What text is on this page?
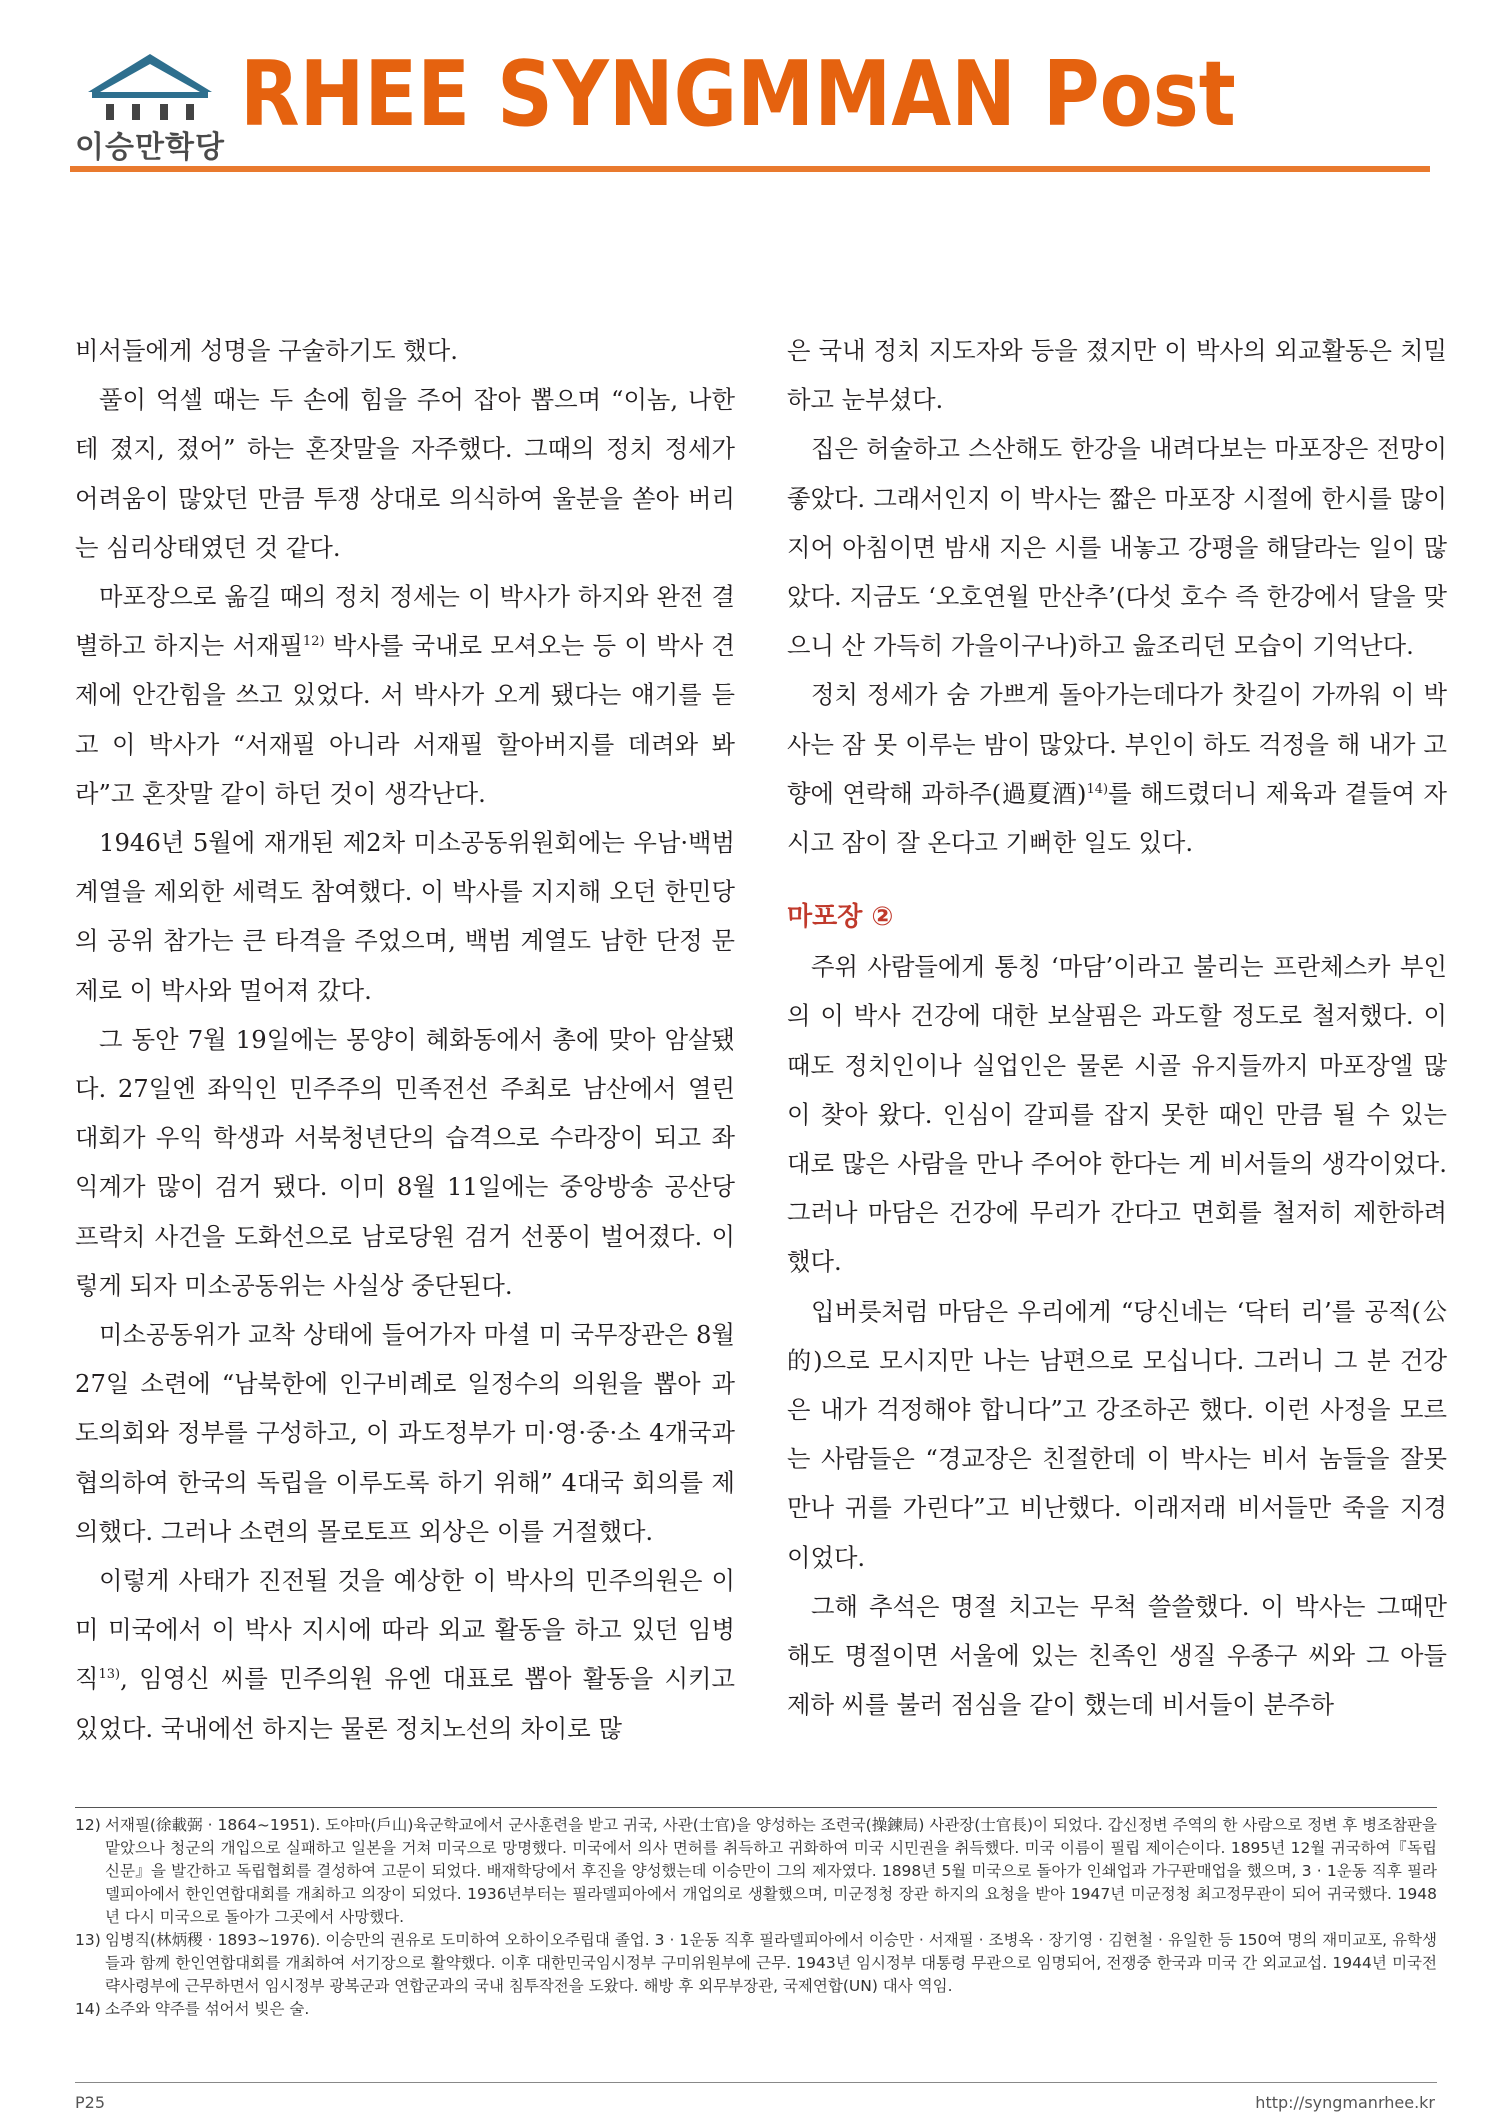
이승만학당
RHEE SYNGMMAN Post

비서들에게 성명을 구술하기도 했다.

풀이 억셀 때는 두 손에 힘을 주어 잡아 뽑으며 “이놈, 나한테 졌지, 졌어” 하는 혼잣말을 자주했다. 그때의 정치 정세가 어려움이 많았던 만큼 투쟁 상대로 의식하여 울분을 쏟아 버리는 심리상태였던 것 같다.

마포장으로 옮길 때의 정치 정세는 이 박사가 하지와 완전 결별하고 하지는 서재필$^{12)}$ 박사를 국내로 모셔오는 등 이 박사 견제에 안간힘을 쓰고 있었다. 서 박사가 오게 됐다는 얘기를 듣고 이 박사가 “서재필 아니라 서재필 할아버지를 데려와 봐라”고 혼잣말 같이 하던 것이 생각난다.

1946년 5월에 재개된 제2차 미소공동위원회에는 우남·백범 계열을 제외한 세력도 참여했다. 이 박사를 지지해 오던 한민당의 공위 참가는 큰 타격을 주었으며, 백범 계열도 남한 단정 문제로 이 박사와 멀어져 갔다.

그 동안 7월 19일에는 몽양이 혜화동에서 총에 맞아 암살됐다. 27일엔 좌익인 민주주의 민족전선 주최로 남산에서 열린 대회가 우익 학생과 서북청년단의 습격으로 수라장이 되고 좌익계가 많이 검거 됐다. 이미 8월 11일에는 중앙방송 공산당 프락치 사건을 도화선으로 남로당원 검거 선풍이 벌어졌다. 이렇게 되자 미소공동위는 사실상 중단된다.

미소공동위가 교착 상태에 들어가자 마셜 미 국무장관은 8월 27일 소련에 “남북한에 인구비례로 일정수의 의원을 뽑아 과도의회와 정부를 구성하고, 이 과도정부가 미·영·중·소 4개국과 협의하여 한국의 독립을 이루도록 하기 위해” 4대국 회의를 제의했다. 그러나 소련의 몰로토프 외상은 이를 거절했다.

이렇게 사태가 진전될 것을 예상한 이 박사의 민주의원은 이미 미국에서 이 박사 지시에 따라 외교 활동을 하고 있던 임병직$^{13)}$, 임영신 씨를 민주의원 유엔 대표로 뽑아 활동을 시키고 있었다. 국내에선 하지는 물론 정치노선의 차이로 많

은 국내 정치 지도자와 등을 졌지만 이 박사의 외교활동은 치밀하고 눈부셨다.

집은 허술하고 스산해도 한강을 내려다보는 마포장은 전망이 좋았다. 그래서인지 이 박사는 짧은 마포장 시절에 한시를 많이 지어 아침이면 밤새 지은 시를 내놓고 강평을 해달라는 일이 많았다. 지금도 ‘오호연월 만산추’(다섯 호수 즉 한강에서 달을 맞으니 산 가득히 가을이구나)하고 읊조리던 모습이 기억난다.

정치 정세가 숨 가쁘게 돌아가는데다가 찻길이 가까워 이 박사는 잠 못 이루는 밤이 많았다. 부인이 하도 걱정을 해 내가 고향에 연락해 과하주(過夏酒)$^{14)}$를 해드렸더니 제육과 곁들여 자시고 잠이 잘 온다고 기뻐한 일도 있다.

마포장 ②

주위 사람들에게 통칭 ‘마담’이라고 불리는 프란체스카 부인의 이 박사 건강에 대한 보살핌은 과도할 정도로 철저했다. 이때도 정치인이나 실업인은 물론 시골 유지들까지 마포장엘 많이 찾아 왔다. 인심이 갈피를 잡지 못한 때인 만큼 될 수 있는 대로 많은 사람을 만나 주어야 한다는 게 비서들의 생각이었다. 그러나 마담은 건강에 무리가 간다고 면회를 철저히 제한하려 했다.

입버릇처럼 마담은 우리에게 “당신네는 ‘닥터 리’를 공적(公的)으로 모시지만 나는 남편으로 모십니다. 그러니 그 분 건강은 내가 걱정해야 합니다”고 강조하곤 했다. 이런 사정을 모르는 사람들은 “경교장은 친절한데 이 박사는 비서 놈들을 잘못 만나 귀를 가린다”고 비난했다. 이래저래 비서들만 죽을 지경이었다.

그해 추석은 명절 치고는 무척 쓸쓸했다. 이 박사는 그때만 해도 명절이면 서울에 있는 친족인 생질 우종구 씨와 그 아들 제하 씨를 불러 점심을 같이 했는데 비서들이 분주하

12) 서재필(徐載弼 · 1864~1951). 도야마(戶山)육군학교에서 군사훈련을 받고 귀국, 사관(士官)을 양성하는 조련국(操鍊局) 사관장(士官長)이 되었다. 갑신정변 주역의 한 사람으로 정변 후 병조참판을 맡았으나 청군의 개입으로 실패하고 일본을 거쳐 미국으로 망명했다. 미국에서 의사 면허를 취득하고 귀화하여 미국 시민권을 취득했다. 미국 이름이 필립 제이슨이다. 1895년 12월 귀국하여『독립신문』을 발간하고 독립협회를 결성하여 고문이 되었다. 배재학당에서 후진을 양성했는데 이승만이 그의 제자였다. 1898년 5월 미국으로 돌아가 인쇄업과 가구판매업을 했으며, 3 · 1운동 직후 필라델피아에서 한인연합대회를 개최하고 의장이 되었다. 1936년부터는 필라델피아에서 개업의로 생활했으며, 미군정청 장관 하지의 요청을 받아 1947년 미군정청 최고정무관이 되어 귀국했다. 1948년 다시 미국으로 돌아가 그곳에서 사망했다.

13) 임병직(林炳稷 · 1893~1976). 이승만의 권유로 도미하여 오하이오주립대 졸업. 3 · 1운동 직후 필라델피아에서 이승만 · 서재필 · 조병옥 · 장기영 · 김현철 · 유일한 등 150여 명의 재미교포, 유학생들과 함께 한인연합대회를 개최하여 서기장으로 활약했다. 이후 대한민국임시정부 구미위원부에 근무. 1943년 임시정부 대통령 무관으로 임명되어, 전쟁중 한국과 미국 간 외교교섭. 1944년 미국전략사령부에 근무하면서 임시정부 광복군과 연합군과의 국내 침투작전을 도왔다. 해방 후 외무부장관, 국제연합(UN) 대사 역임.

14) 소주와 약주를 섞어서 빚은 술.

P25	http://syngmanrhee.kr
